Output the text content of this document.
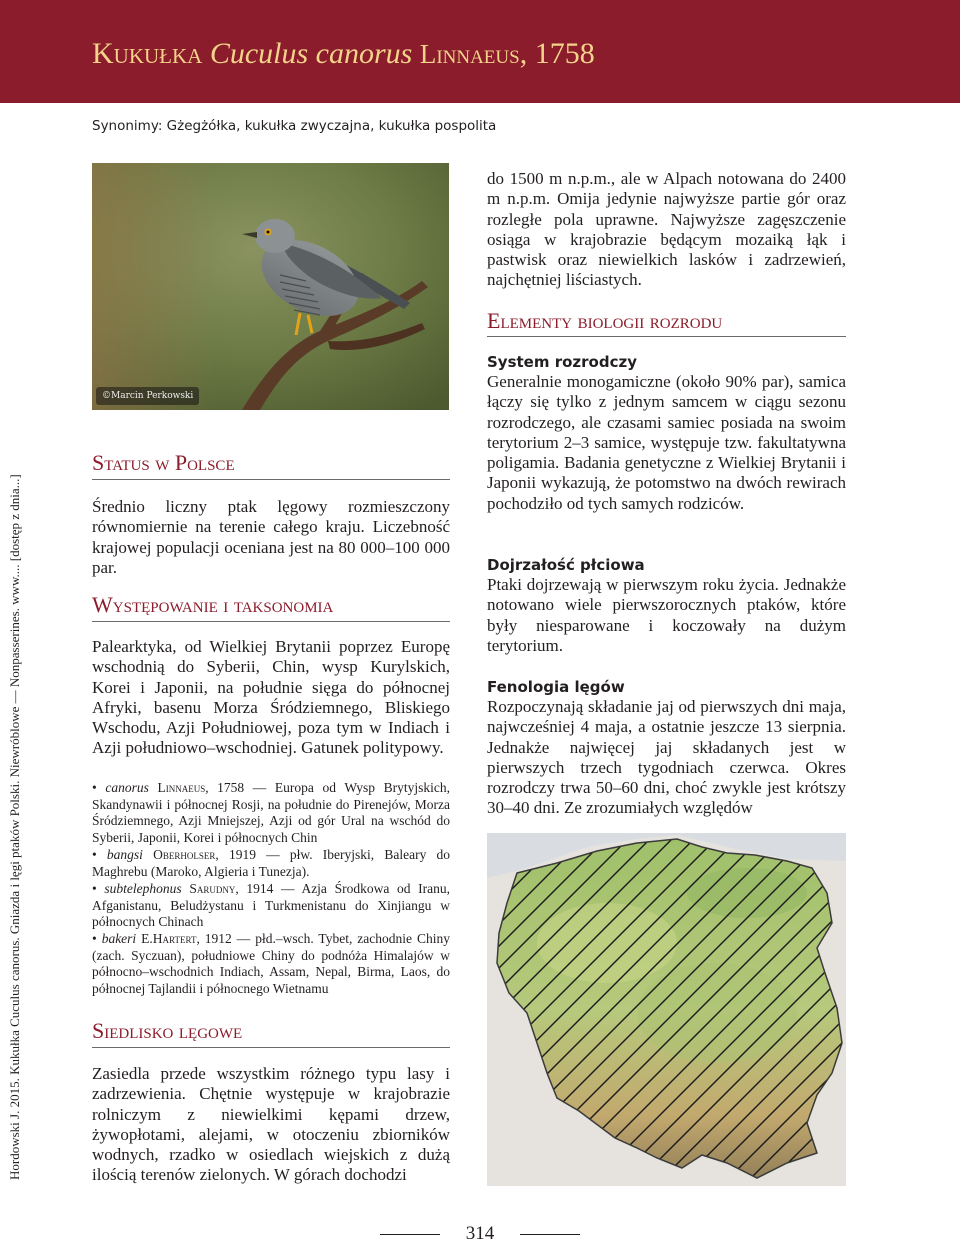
Kukułka Cuculus canorus Linnaeus, 1758
Synonimy: Gżegżółka, kukułka zwyczajna, kukułka pospolita
©Marcin Perkowski
Hordowski J. 2015. Kukułka Cuculus canorus. Gniazda i lęgi ptaków Polski. Niewróblowe — Nonpasserines. www.... [dostęp z dnia...]
Status w Polsce
Średnio liczny ptak lęgowy rozmieszczony równomiernie na terenie całego kraju. Liczebność krajowej populacji oceniana jest na 80 000–100 000 par.
Występowanie i taksonomia
Palearktyka, od Wielkiej Brytanii poprzez Europę wschodnią do Syberii, Chin, wysp Kurylskich, Korei i Japonii, na południe sięga do północnej Afryki, basenu Morza Śródziemnego, Bliskiego Wschodu, Azji Południowej, poza tym w Indiach i Azji południowo–wschodniej. Gatunek politypowy.
• canorus Linnaeus, 1758 — Europa od Wysp Brytyjskich, Skandynawii i północnej Rosji, na południe do Pirenejów, Morza Śródziemnego, Azji Mniejszej, Azji od gór Ural na wschód do Syberii, Japonii, Korei i północnych Chin
• bangsi Oberholser, 1919 — płw. Iberyjski, Baleary do Maghrebu (Maroko, Algieria i Tunezja).
• subtelephonus Sarudny, 1914 — Azja Środkowa od Iranu, Afganistanu, Beludżystanu i Turkmenistanu do Xinjiangu w północnych Chinach
• bakeri E.Hartert, 1912 — płd.–wsch. Tybet, zachodnie Chiny (zach. Syczuan), południowe Chiny do podnóża Himalajów w północno–wschodnich Indiach, Assam, Nepal, Birma, Laos, do północnej Tajlandii i północnego Wietnamu
Siedlisko lęgowe
Zasiedla przede wszystkim różnego typu lasy i zadrzewienia. Chętnie występuje w krajobrazie rolniczym z niewielkimi kępami drzew, żywopłotami, alejami, w otoczeniu zbiorników wodnych, rzadko w osiedlach wiejskich z dużą ilością terenów zielonych. W górach dochodzi
do 1500 m n.p.m., ale w Alpach notowana do 2400 m n.p.m. Omija jedynie najwyższe partie gór oraz rozległe pola uprawne. Najwyższe zagęszczenie osiąga w krajobrazie będącym mozaiką łąk i pastwisk oraz niewielkich lasków i zadrzewień, najchętniej liściastych.
Elementy biologii rozrodu
System rozrodczy
Generalnie monogamiczne (około 90% par), samica łączy się tylko z jednym samcem w ciągu sezonu rozrodczego, ale czasami samiec posiada na swoim terytorium 2–3 samice, występuje tzw. fakultatywna poligamia. Badania genetyczne z Wielkiej Brytanii i Japonii wykazują, że potomstwo na dwóch rewirach pochodziło od tych samych rodziców.
Dojrzałość płciowa
Ptaki dojrzewają w pierwszym roku życia. Jednakże notowano wiele pierwszorocznych ptaków, które były niesparowane i koczowały na dużym terytorium.
Fenologia lęgów
Rozpoczynają składanie jaj od pierwszych dni maja, najwcześniej 4 maja, a ostatnie jeszcze 13 sierpnia. Jednakże najwięcej jaj składanych jest w pierwszych trzech tygodniach czerwca. Okres rozrodczy trwa 50–60 dni, choć zwykle jest krótszy 30–40 dni. Ze zrozumiałych względów
314
